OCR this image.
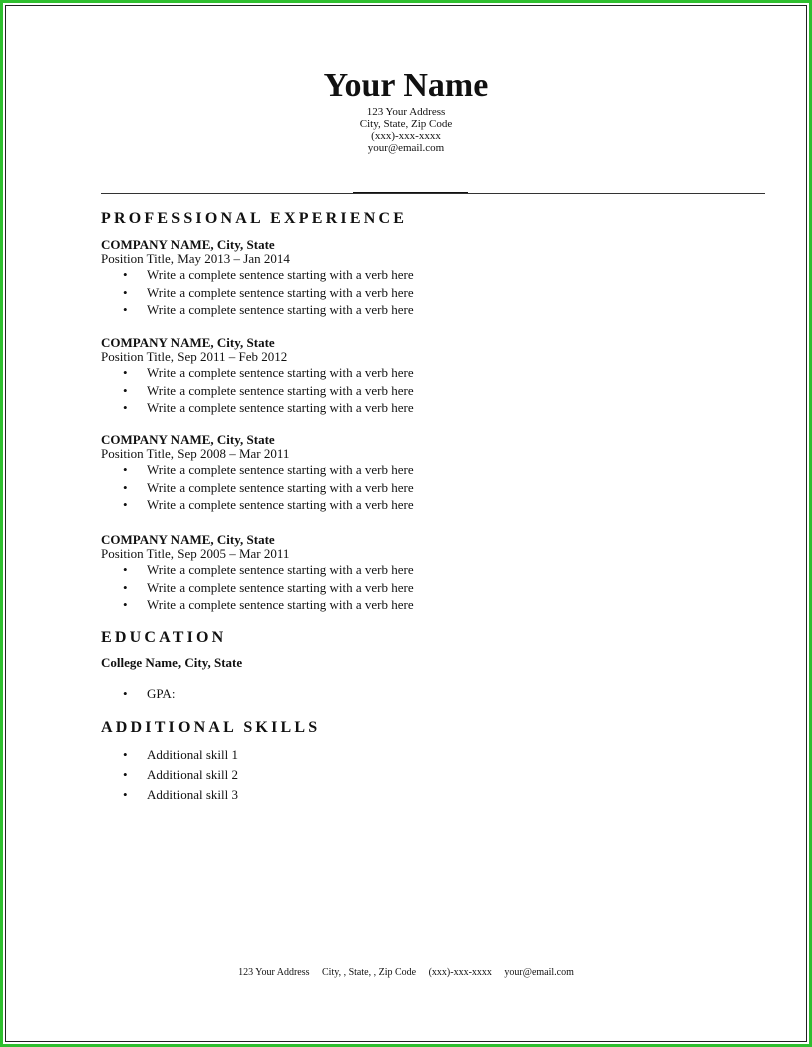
Your Name
123 Your Address
City, State, Zip Code
(xxx)-xxx-xxxx
your@email.com
PROFESSIONAL EXPERIENCE
COMPANY NAME, City, State
Position Title, May 2013 – Jan 2014
• Write a complete sentence starting with a verb here
• Write a complete sentence starting with a verb here
• Write a complete sentence starting with a verb here
COMPANY NAME, City, State
Position Title, Sep 2011 – Feb 2012
• Write a complete sentence starting with a verb here
• Write a complete sentence starting with a verb here
• Write a complete sentence starting with a verb here
COMPANY NAME, City, State
Position Title, Sep 2008 – Mar 2011
• Write a complete sentence starting with a verb here
• Write a complete sentence starting with a verb here
• Write a complete sentence starting with a verb here
COMPANY NAME, City, State
Position Title, Sep 2005 – Mar 2011
• Write a complete sentence starting with a verb here
• Write a complete sentence starting with a verb here
• Write a complete sentence starting with a verb here
EDUCATION
College Name, City, State
• GPA:
ADDITIONAL SKILLS
• Additional skill 1
• Additional skill 2
• Additional skill 3
123 Your Address City, , State, , Zip Code (xxx)-xxx-xxxx your@email.com
